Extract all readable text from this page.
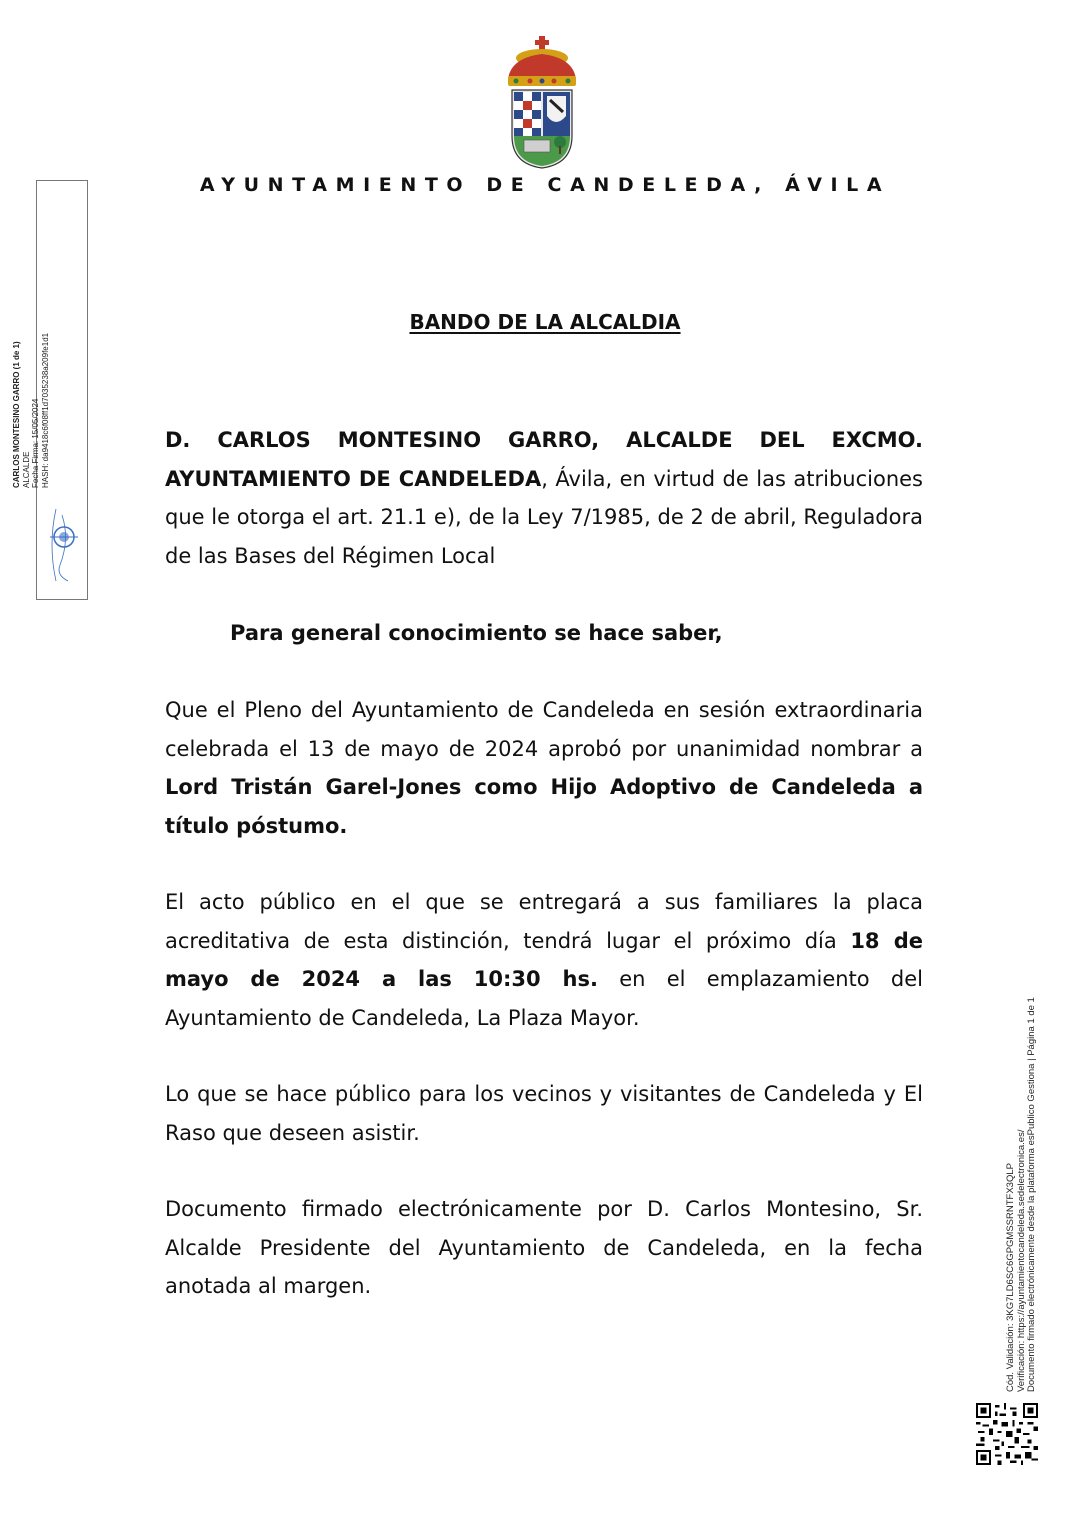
AYUNTAMIENTO DE CANDELEDA, ÁVILA
BANDO DE LA ALCALDIA

D. CARLOS MONTESINO GARRO, ALCALDE DEL EXCMO. AYUNTAMIENTO DE CANDELEDA, Ávila, en virtud de las atribuciones que le otorga el art. 21.1 e), de la Ley 7/1985, de 2 de abril, Reguladora de las Bases del Régimen Local

Para general conocimiento se hace saber,

Que el Pleno del Ayuntamiento de Candeleda en sesión extraordinaria celebrada el 13 de mayo de 2024 aprobó por unanimidad nombrar a Lord Tristán Garel-Jones como Hijo Adoptivo de Candeleda a título póstumo.

El acto público en el que se entregará a sus familiares la placa acreditativa de esta distinción, tendrá lugar el próximo día 18 de mayo de 2024 a las 10:30 hs. en el emplazamiento del Ayuntamiento de Candeleda, La Plaza Mayor.

Lo que se hace público para los vecinos y visitantes de Candeleda y El Raso que deseen asistir.

Documento firmado electrónicamente por D. Carlos Montesino, Sr. Alcalde Presidente del Ayuntamiento de Candeleda, en la fecha anotada al margen.

CARLOS MONTESINO GARRO (1 de 1) ALCALDE Fecha Firma: 15/05/2024 HASH: da9418c6f08ff1d7035238a209fe1d1
Cód. Validación: 3KG7LD6SC6GPGMSSRNTFX3QLP Verificación: https://ayuntamientocandeleda.sedelectronica.es/ Documento firmado electrónicamente desde la plataforma esPublico Gestiona | Página 1 de 1
